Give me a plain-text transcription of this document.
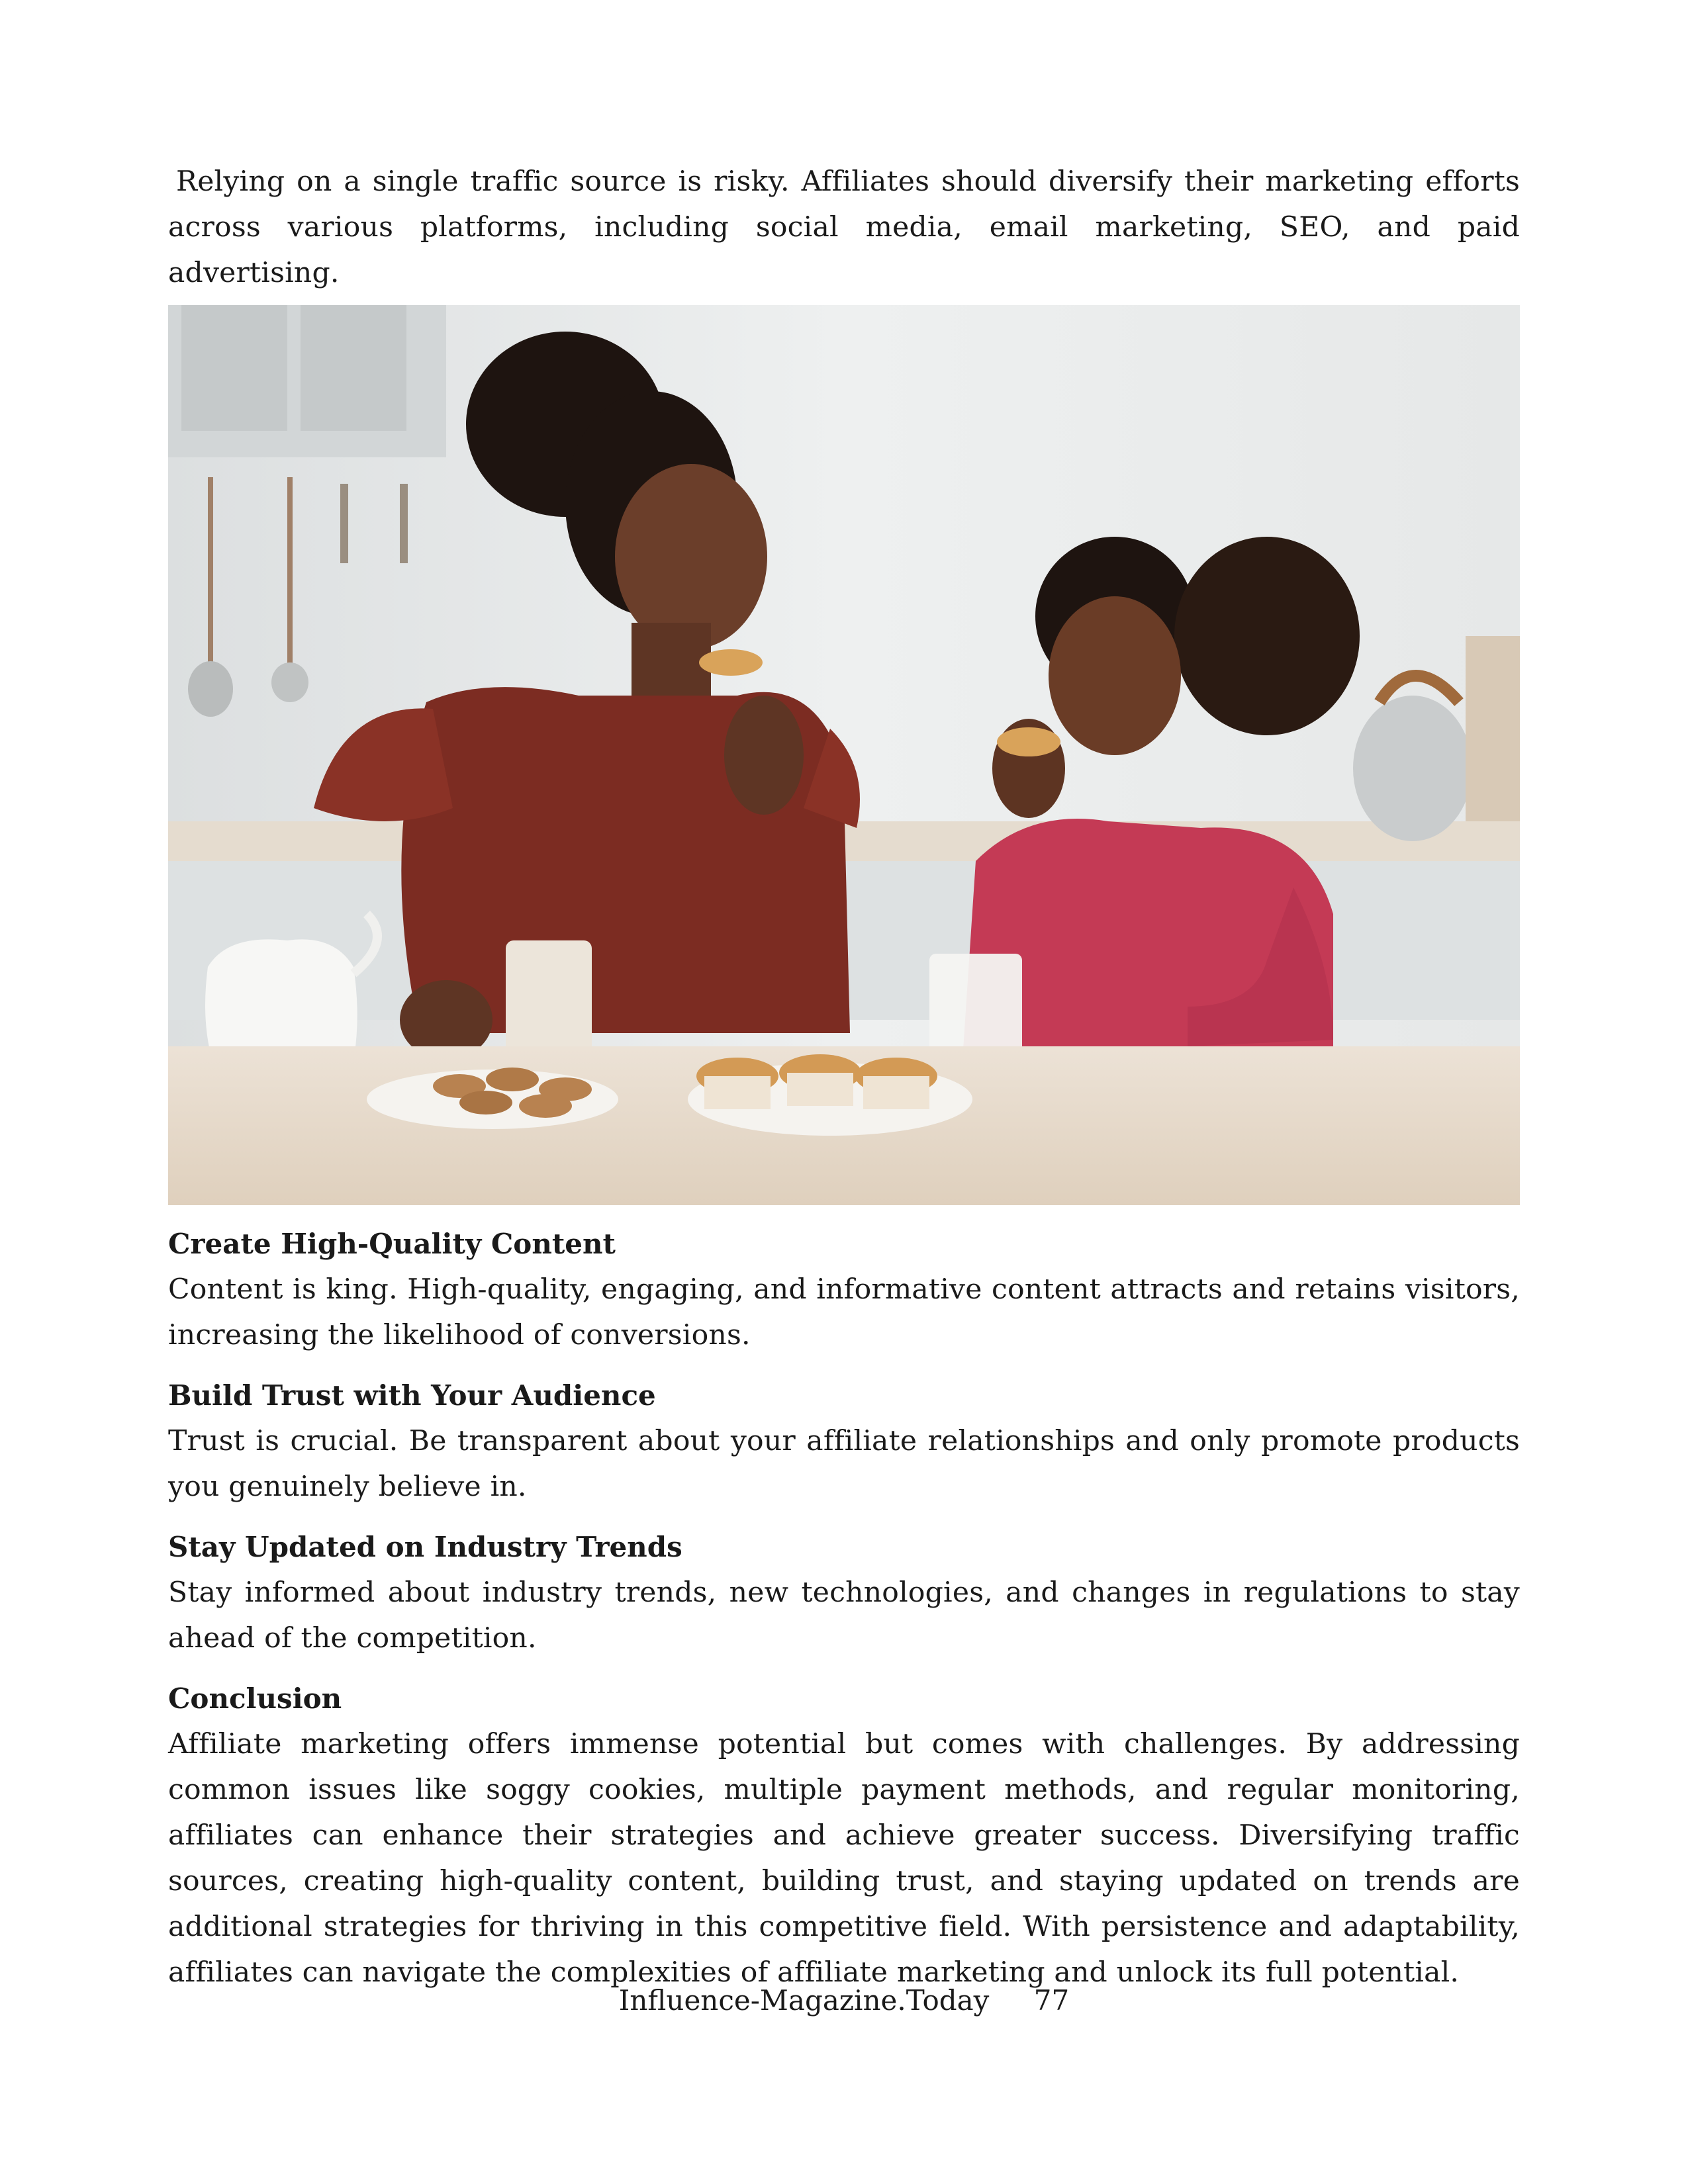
Relying on a single traffic source is risky. Affiliates should diversify their marketing efforts across various platforms, including social media, email marketing, SEO, and paid advertising.

Create High-Quality Content

Content is king. High-quality, engaging, and informative content attracts and retains visitors, increasing the likelihood of conversions.

Build Trust with Your Audience

Trust is crucial. Be transparent about your affiliate relationships and only promote products you genuinely believe in.

Stay Updated on Industry Trends

Stay informed about industry trends, new technologies, and changes in regulations to stay ahead of the competition.

Conclusion

Affiliate marketing offers immense potential but comes with challenges. By addressing common issues like soggy cookies, multiple payment methods, and regular monitoring, affiliates can enhance their strategies and achieve greater success. Diversifying traffic sources, creating high-quality content, building trust, and staying updated on trends are additional strategies for thriving in this competitive field. With persistence and adaptability, affiliates can navigate the complexities of affiliate marketing and unlock its full potential.

Influence-Magazine.Today 77
